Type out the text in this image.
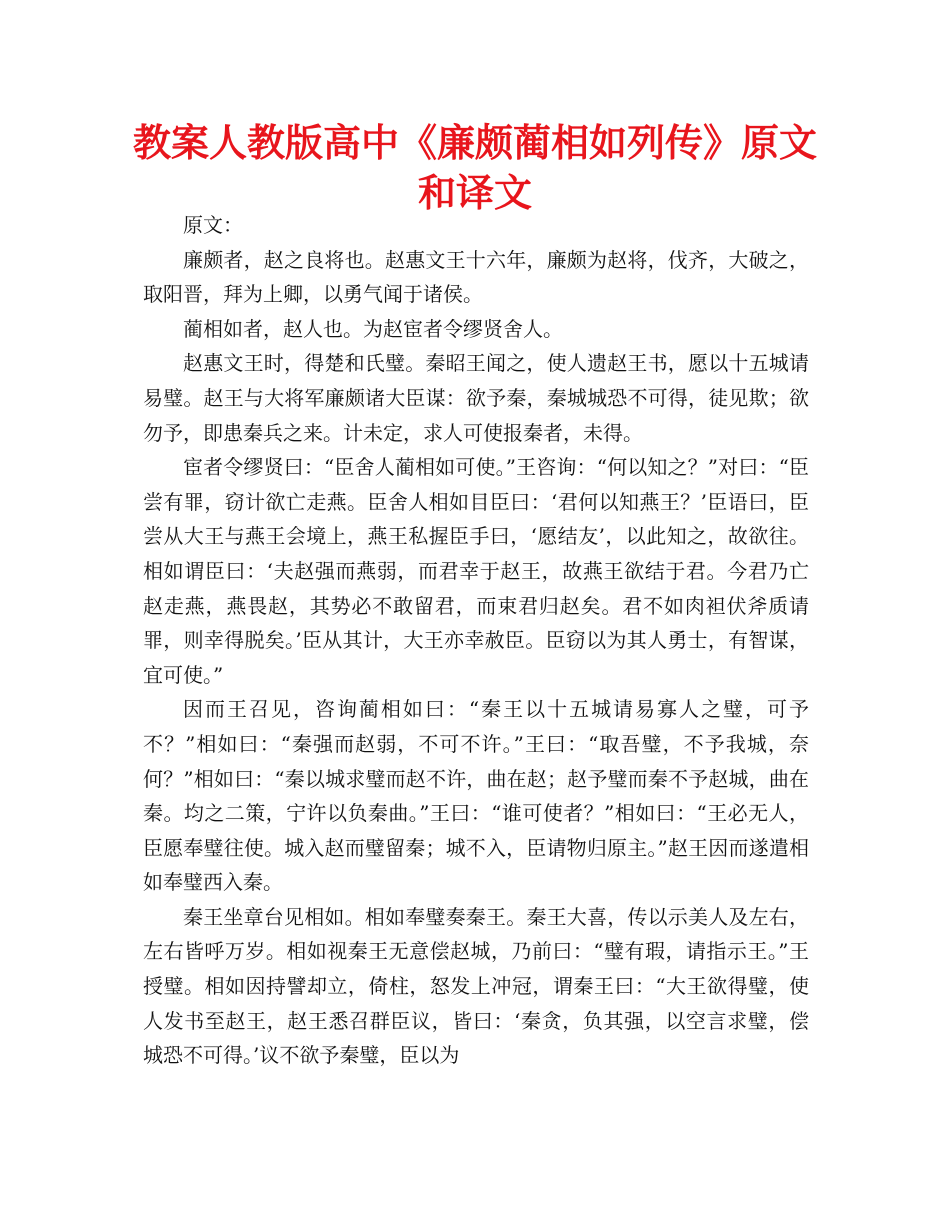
教案人教版高中《廉颇蔺相如列传》原文
和译文

原文：

廉颇者，赵之良将也。赵惠文王十六年，廉颇为赵将，伐齐，大破之，取阳晋，拜为上卿，以勇气闻于诸侯。

蔺相如者，赵人也。为赵宦者令缪贤舍人。

赵惠文王时，得楚和氏璧。秦昭王闻之，使人遗赵王书，愿以十五城请易璧。赵王与大将军廉颇诸大臣谋：欲予秦，秦城城恐不可得，徒见欺；欲勿予，即患秦兵之来。计未定，求人可使报秦者，未得。

宦者令缪贤曰：“臣舍人蔺相如可使。”王咨询：“何以知之？”对曰：“臣尝有罪，窃计欲亡走燕。臣舍人相如目臣曰：‘君何以知燕王？’臣语曰，臣尝从大王与燕王会境上，燕王私握臣手曰，‘愿结友’，以此知之，故欲往。相如谓臣曰：‘夫赵强而燕弱，而君幸于赵王，故燕王欲结于君。今君乃亡赵走燕，燕畏赵，其势必不敢留君，而束君归赵矣。君不如肉袒伏斧质请罪，则幸得脱矣。’臣从其计，大王亦幸赦臣。臣窃以为其人勇士，有智谋，宜可使。”

因而王召见，咨询蔺相如曰：“秦王以十五城请易寡人之璧，可予不？”相如曰：“秦强而赵弱，不可不许。”王曰：“取吾璧，不予我城，奈何？”相如曰：“秦以城求璧而赵不许，曲在赵；赵予璧而秦不予赵城，曲在秦。均之二策，宁许以负秦曲。”王曰：“谁可使者？”相如曰：“王必无人，臣愿奉璧往使。城入赵而璧留秦；城不入，臣请物归原主。”赵王因而遂遣相如奉璧西入秦。

秦王坐章台见相如。相如奉璧奏秦王。秦王大喜，传以示美人及左右，左右皆呼万岁。相如视秦王无意偿赵城，乃前曰：“璧有瑕，请指示王。”王授璧。相如因持譬却立，倚柱，怒发上冲冠，谓秦王曰：“大王欲得璧，使人发书至赵王，赵王悉召群臣议，皆曰：‘秦贪，负其强，以空言求璧，偿城恐不可得。’议不欲予秦璧，臣以为
